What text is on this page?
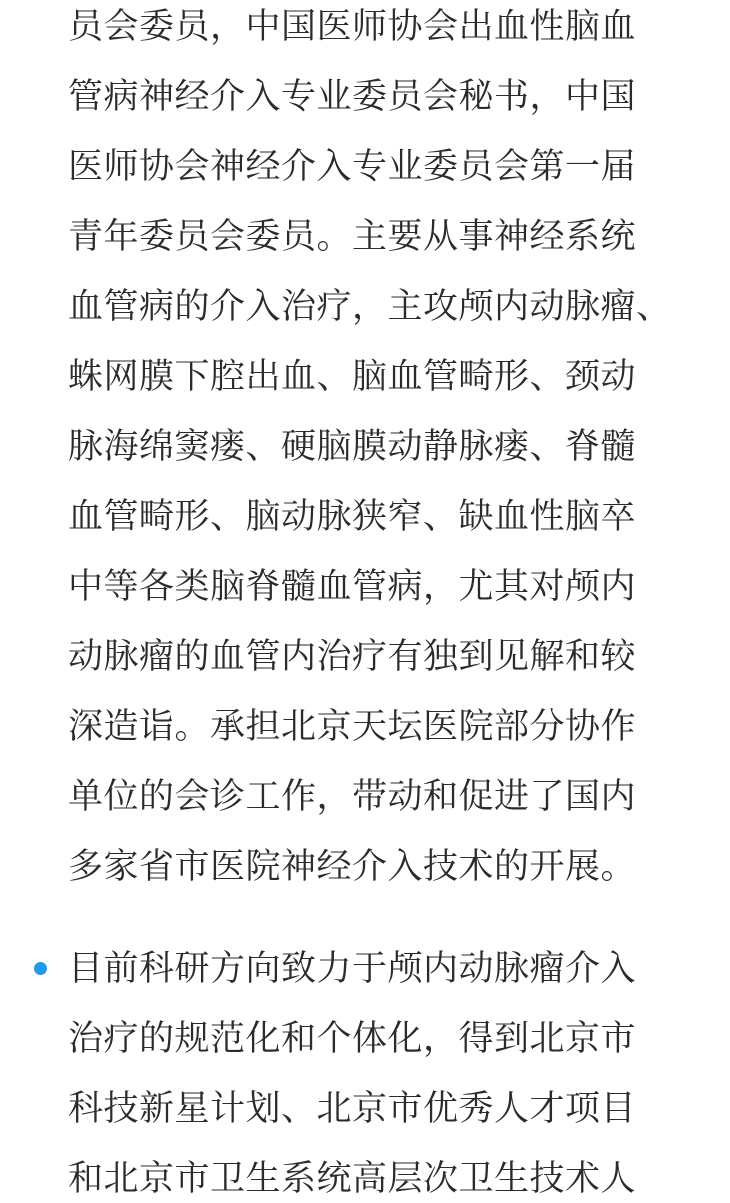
员会委员，中国医师协会出血性脑血
管病神经介入专业委员会秘书，中国
医师协会神经介入专业委员会第一届
青年委员会委员。主要从事神经系统
血管病的介入治疗，主攻颅内动脉瘤、
蛛网膜下腔出血、脑血管畸形、颈动
脉海绵窦瘘、硬脑膜动静脉瘘、脊髓
血管畸形、脑动脉狭窄、缺血性脑卒
中等各类脑脊髓血管病，尤其对颅内
动脉瘤的血管内治疗有独到见解和较
深造诣。承担北京天坛医院部分协作
单位的会诊工作，带动和促进了国内
多家省市医院神经介入技术的开展。
目前科研方向致力于颅内动脉瘤介入
治疗的规范化和个体化，得到北京市
科技新星计划、北京市优秀人才项目
和北京市卫生系统高层次卫生技术人
